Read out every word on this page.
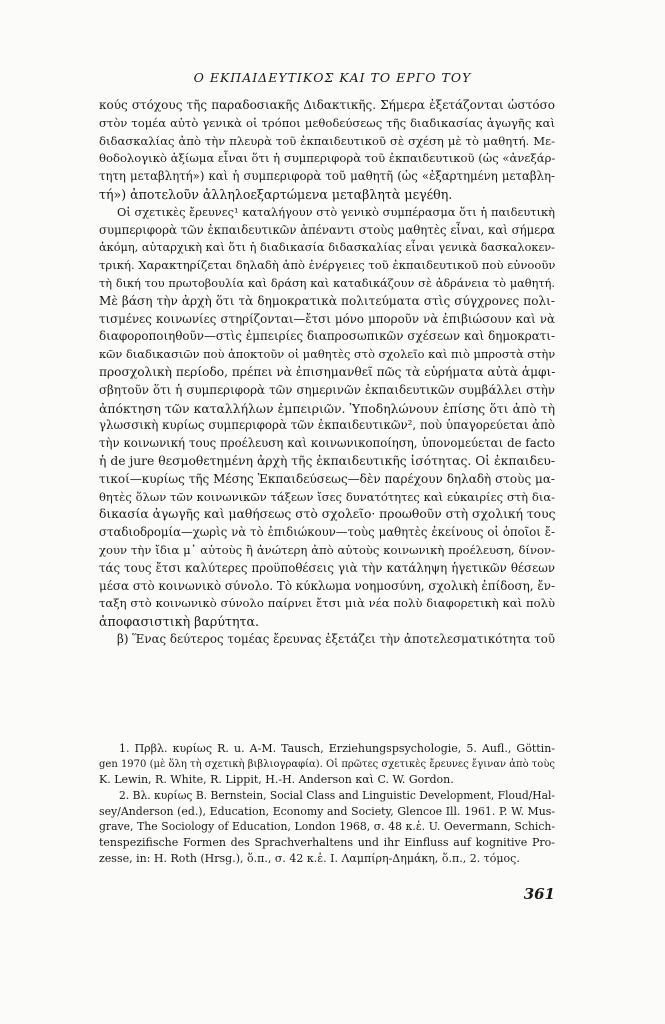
Ο ΕΚΠΑΙΔΕΥΤΙΚΟΣ ΚΑΙ ΤΟ ΕΡΓΟ ΤΟΥ
κούς στόχους τῆς παραδοσιακῆς Διδακτικῆς. Σήμερα ἐξετάζονται ὡστόσο
στὸν τομέα αὐτὸ γενικὰ οἱ τρόποι μεθοδεύσεως τῆς διαδικασίας ἀγωγῆς καὶ
διδασκαλίας ἀπὸ τὴν πλευρὰ τοῦ ἐκπαιδευτικοῦ σὲ σχέση μὲ τὸ μαθητή. Με-
θοδολογικὸ ἀξίωμα εἶναι ὅτι ἡ συμπεριφορὰ τοῦ ἐκπαιδευτικοῦ (ὡς «ἀνεξάρ-
τητη μεταβλητή») καὶ ἡ συμπεριφορὰ τοῦ μαθητῆ (ὡς «ἐξαρτημένη μεταβλη-
τή») ἀποτελοῦν ἀλληλοεξαρτώμενα μεταβλητὰ μεγέθη.
Οἱ σχετικὲς ἔρευνες¹ καταλήγουν στὸ γενικὸ συμπέρασμα ὅτι ἡ παιδευτικὴ
συμπεριφορὰ τῶν ἐκπαιδευτικῶν ἀπέναντι στοὺς μαθητὲς εἶναι, καὶ σήμερα
ἀκόμη, αὐταρχικὴ καὶ ὅτι ἡ διαδικασία διδασκαλίας εἶναι γενικὰ δασκαλοκεν-
τρική. Χαρακτηρίζεται δηλαδὴ ἀπὸ ἐνέργειες τοῦ ἐκπαιδευτικοῦ ποὺ εὐνοοῦν
τὴ δική του πρωτοβουλία καὶ δράση καὶ καταδικάζουν σὲ ἀδράνεια τὸ μαθητή.
Μὲ βάση τὴν ἀρχὴ ὅτι τὰ δημοκρατικὰ πολιτεύματα στὶς σύγχρονες πολι-
τισμένες κοινωνίες στηρίζονται—ἔτσι μόνο μποροῦν νὰ ἐπιβιώσουν καὶ νὰ
διαφοροποιηθοῦν—στὶς ἐμπειρίες διαπροσωπικῶν σχέσεων καὶ δημοκρατι-
κῶν διαδικασιῶν ποὺ ἀποκτοῦν οἱ μαθητὲς στὸ σχολεῖο καὶ πιὸ μπροστὰ στὴν
προσχολικὴ περίοδο, πρέπει νὰ ἐπισημανθεῖ πῶς τὰ εὑρήματα αὐτὰ ἀμφι-
σβητοῦν ὅτι ἡ συμπεριφορὰ τῶν σημερινῶν ἐκπαιδευτικῶν συμβάλλει στὴν
ἀπόκτηση τῶν καταλλήλων ἐμπειριῶν. Ὑποδηλώνουν ἐπίσης ὅτι ἀπὸ τὴ
γλωσσικὴ κυρίως συμπεριφορὰ τῶν ἐκπαιδευτικῶν², ποὺ ὑπαγορεύεται ἀπὸ
τὴν κοινωνική τους προέλευση καὶ κοινωνικοποίηση, ὑπονομεύεται de facto
ἡ de jure θεσμοθετημένη ἀρχὴ τῆς ἐκπαιδευτικῆς ἰσότητας. Οἱ ἐκπαιδευ-
τικοί—κυρίως τῆς Μέσης Ἐκπαιδεύσεως—δὲν παρέχουν δηλαδὴ στοὺς μα-
θητὲς ὅλων τῶν κοινωνικῶν τάξεων ἴσες δυνατότητες καὶ εὐκαιρίες στὴ δια-
δικασία ἀγωγῆς καὶ μαθήσεως στὸ σχολεῖο· προωθοῦν στὴ σχολική τους
σταδιοδρομία—χωρὶς νὰ τὸ ἐπιδιώκουν—τοὺς μαθητὲς ἐκείνους οἱ ὁποῖοι ἔ-
χουν τὴν ἴδια μ᾿ αὐτοὺς ἢ ἀνώτερη ἀπὸ αὐτοὺς κοινωνικὴ προέλευση, δίνον-
τάς τους ἔτσι καλύτερες προϋποθέσεις γιὰ τὴν κατάληψη ἡγετικῶν θέσεων
μέσα στὸ κοινωνικὸ σύνολο. Τὸ κύκλωμα νοημοσύνη, σχολικὴ ἐπίδοση, ἔν-
ταξη στὸ κοινωνικὸ σύνολο παίρνει ἔτσι μιὰ νέα πολὺ διαφορετικὴ καὶ πολὺ
ἀποφασιστικὴ βαρύτητα.
β) Ἕνας δεύτερος τομέας ἔρευνας ἐξετάζει τὴν ἀποτελεσματικότητα τοῦ
1. Πρβλ. κυρίως R. u. A-M. Tausch, Erziehungspsychologie, 5. Aufl., Göttin-
gen 1970 (μὲ ὅλη τὴ σχετικὴ βιβλιογραφία). Οἱ πρῶτες σχετικὲς ἔρευνες ἔγιναν ἀπὸ τοὺς
K. Lewin, R. White, R. Lippit, H.-H. Anderson καὶ C. W. Gordon.
2. Βλ. κυρίως B. Bernstein, Social Class and Linguistic Development, Floud/Hal-
sey/Anderson (ed.), Education, Economy and Society, Glencoe Ill. 1961. P. W. Mus-
grave, The Sociology of Education, London 1968, σ. 48 κ.ἑ. U. Oevermann, Schich-
tenspezifische Formen des Sprachverhaltens und ihr Einfluss auf kognitive Pro-
zesse, in: H. Roth (Hrsg.), ὅ.π., σ. 42 κ.ἑ. Ι. Λαμπίρη-Δημάκη, ὅ.π., 2. τόμος.
361
